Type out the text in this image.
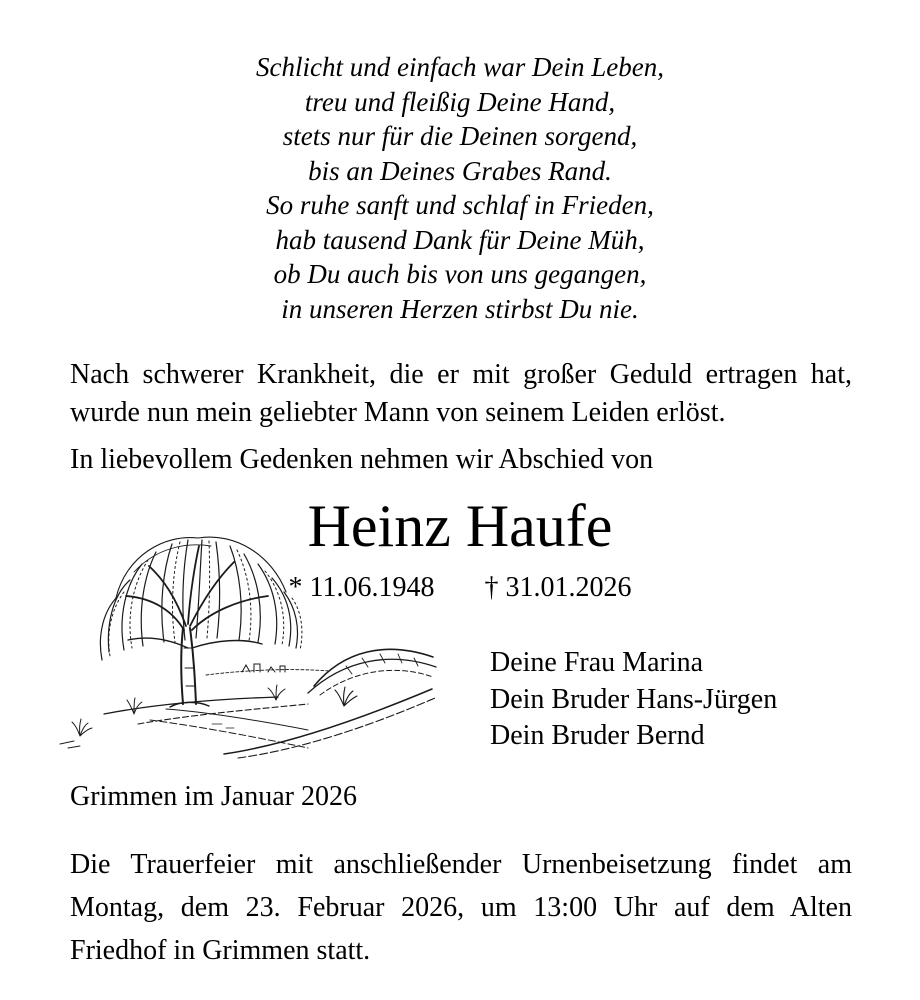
Schlicht und einfach war Dein Leben,
treu und fleißig Deine Hand,
stets nur für die Deinen sorgend,
bis an Deines Grabes Rand.
So ruhe sanft und schlaf in Frieden,
hab tausend Dank für Deine Müh,
ob Du auch bis von uns gegangen,
in unseren Herzen stirbst Du nie.

Nach schwerer Krankheit, die er mit großer Geduld ertragen hat, wurde nun mein geliebter Mann von seinem Leiden erlöst.

In liebevollem Gedenken nehmen wir Abschied von

Heinz Haufe
* 11.06.1948 † 31.01.2026
Deine Frau Marina
Dein Bruder Hans-Jürgen
Dein Bruder Bernd
Grimmen im Januar 2026

Die Trauerfeier mit anschließender Urnenbeisetzung findet am Montag, dem 23. Februar 2026, um 13:00 Uhr auf dem Alten Friedhof in Grimmen statt.
